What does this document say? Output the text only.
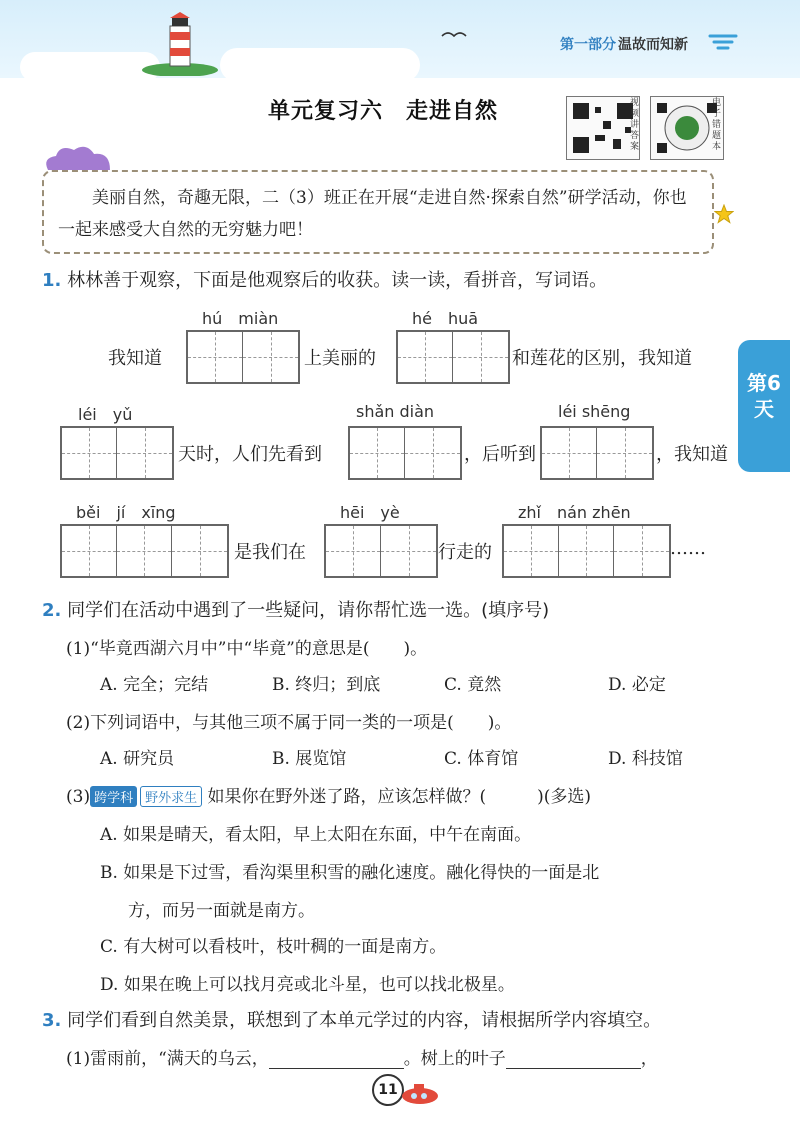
第一部分 温故而知新
单元复习六　走进自然	视频讲答案
电子错题本
美丽自然，奇趣无限，二（3）班正在开展“走进自然·探索自然”研学活动，你也一起来感受大自然的无穷魅力吧！
第6天
1. 林林善于观察，下面是他观察后的收获。读一读，看拼音，写词语。
我知道
hú　miàn
上美丽的
hé　huā
和莲花的区别，我知道
léi　yǔ
天时，人们先看到
shǎn diàn
，后听到
léi shēng
，我知道
běi　jí　xīng
是我们在
hēi　yè
行走的
zhǐ　nán zhēn
……
2. 同学们在活动中遇到了一些疑问，请你帮忙选一选。(填序号)
(1)“毕竟西湖六月中”中“毕竟”的意思是(　　)。
A. 完全；完结	B. 终归；到底	C. 竟然	D. 必定
(2)下列词语中，与其他三项不属于同一类的一项是(　　)。
A. 研究员	B. 展览馆	C. 体育馆	D. 科技馆
(3) 跨学科 野外求生 如果你在野外迷了路，应该怎样做？(　　　)(多选)
A. 如果是晴天，看太阳，早上太阳在东面，中午在南面。
B. 如果是下过雪，看沟渠里积雪的融化速度。融化得快的一面是北
方，而另一面就是南方。
C. 有大树可以看枝叶，枝叶稠的一面是南方。
D. 如果在晚上可以找月亮或北斗星，也可以找北极星。
3. 同学们看到自然美景，联想到了本单元学过的内容，请根据所学内容填空。
(1)雷雨前，“满天的乌云，	。树上的叶子	，
11
